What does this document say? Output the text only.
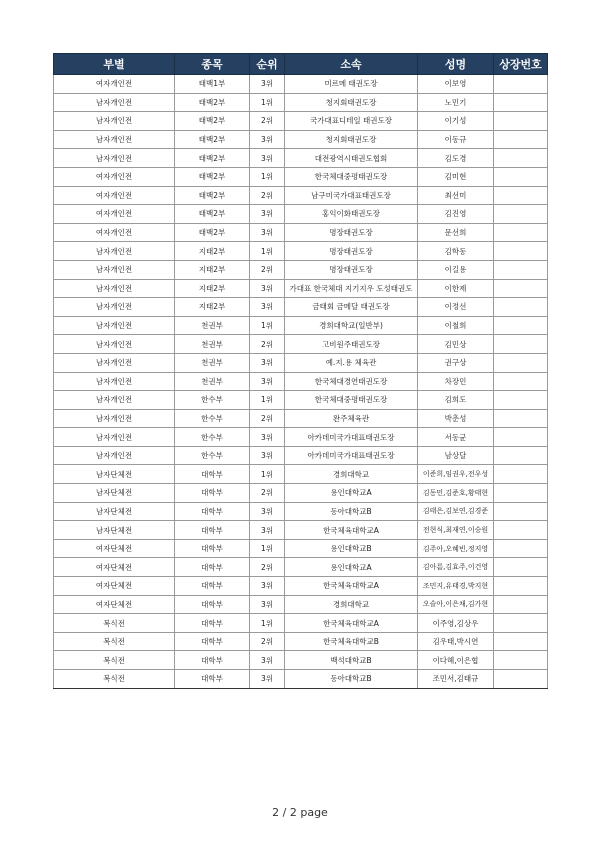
부별	종목	순위	소속	성명	상장번호
여자개인전	태백1부	3위	미르메 태권도장	이보영	
남자개인전	태백2부	1위	청지회태권도장	노민기	
남자개인전	태백2부	2위	국가대표디테일 태권도장	이기성	
남자개인전	태백2부	3위	청지회태권도장	이동규	
남자개인전	태백2부	3위	대전광역시태권도협회	김도경	
여자개인전	태백2부	1위	한국체대중평태권도장	김미현	
여자개인전	태백2부	2위	남구미국가대표태권도장	최선미	
여자개인전	태백2부	3위	홍익이화태권도장	김진영	
여자개인전	태백2부	3위	명장태권도장	문선희	
남자개인전	지태2부	1위	명장태권도장	김학동	
남자개인전	지태2부	2위	명장태권도장	이길용	
남자개인전	지태2부	3위	가대표 한국체대 지기지우 도성태권도	이한제	
남자개인전	지태2부	3위	금태회 금메달 태권도장	이정선	
남자개인전	천권부	1위	경희대학교(일반부)	이철희	
남자개인전	천권부	2위	고비원주태권도장	김민상	
남자개인전	천권부	3위	예.지.용 체육관	권구상	
남자개인전	천권부	3위	한국체대경연태권도장	차장민	
남자개인전	한수부	1위	한국체대중평태권도장	김희도	
남자개인전	한수부	2위	완주체육관	박춘성	
남자개인전	한수부	3위	아카데미국가대표태권도장	서동균	
남자개인전	한수부	3위	아카데미국가대표태권도장	남상달	
남자단체전	대학부	1위	경희대학교	이준희,임권우,전우성	
남자단체전	대학부	2위	용인대학교A	김동민,김준호,황태현	
남자단체전	대학부	3위	동아대학교B	김태은,김보연,김경준	
남자단체전	대학부	3위	한국체육대학교A	전현식,최재연,이승원	
여자단체전	대학부	1위	용인대학교B	김주아,오혜빈,정지영	
여자단체전	대학부	2위	용인대학교A	김아름,김효주,이건영	
여자단체전	대학부	3위	한국체육대학교A	조민지,유태경,박지현	
여자단체전	대학부	3위	경희대학교	오슬아,이은채,김가현	
복식전	대학부	1위	한국체육대학교A	이주영,김상우	
복식전	대학부	2위	한국체육대학교B	김우태,박시연	
복식전	대학부	3위	백석대학교B	이다혜,이은협	
복식전	대학부	3위	동아대학교B	조민서,김태규	
2 / 2 page
